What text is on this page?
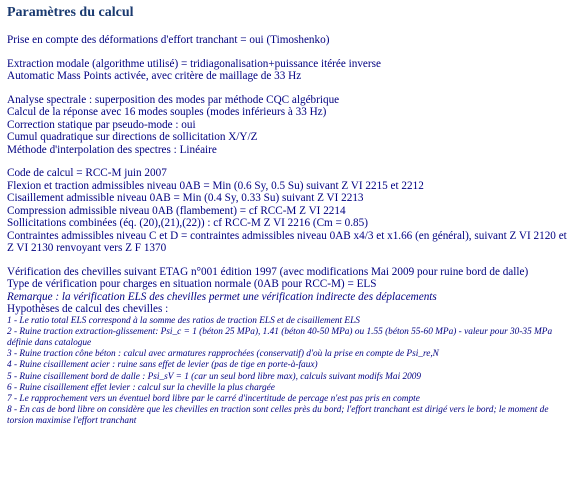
Paramètres du calcul
Prise en compte des déformations d'effort tranchant = oui (Timoshenko)
Extraction modale (algorithme utilisé) = tridiagonalisation+puissance itérée inverse
Automatic Mass Points activée, avec critère de maillage de 33 Hz
Analyse spectrale : superposition des modes par méthode CQC algébrique
Calcul de la réponse avec 16 modes souples (modes inférieurs à 33 Hz)
Correction statique par pseudo-mode : oui
Cumul quadratique sur directions de sollicitation X/Y/Z
Méthode d'interpolation des spectres : Linéaire
Code de calcul = RCC-M juin 2007
Flexion et traction admissibles niveau 0AB = Min (0.6 Sy, 0.5 Su) suivant Z VI 2215 et 2212
Cisaillement admissible niveau 0AB = Min (0.4 Sy, 0.33 Su) suivant Z VI 2213
Compression admissible niveau 0AB (flambement) = cf RCC-M Z VI 2214
Sollicitations combinées (éq. (20),(21),(22)) : cf RCC-M Z VI 2216 (Cm = 0.85)
Contraintes admissibles niveau C et D = contraintes admissibles niveau 0AB x4/3 et x1.66 (en général), suivant Z VI 2120 et Z VI 2130 renvoyant vers Z F 1370
Vérification des chevilles suivant ETAG n°001 édition 1997 (avec modifications Mai 2009 pour ruine bord de dalle)
Type de vérification pour charges en situation normale (0AB pour RCC-M) = ELS
Remarque : la vérification ELS des chevilles permet une vérification indirecte des déplacements
Hypothèses de calcul des chevilles :
1 - Le ratio total ELS correspond à la somme des ratios de traction ELS et de cisaillement ELS
2 - Ruine traction extraction-glissement: Psi_c = 1 (béton 25 MPa), 1.41 (béton 40-50 MPa) ou 1.55 (béton 55-60 MPa) - valeur pour 30-35 MPa définie dans catalogue
3 - Ruine traction cône béton : calcul avec armatures rapprochées (conservatif) d'où la prise en compte de Psi_re,N
4 - Ruine cisaillement acier : ruine sans effet de levier (pas de tige en porte-à-faux)
5 - Ruine cisaillement bord de dalle : Psi_sV = 1 (car un seul bord libre max), calculs suivant modifs Mai 2009
6 - Ruine cisaillement effet levier : calcul sur la cheville la plus chargée
7 - Le rapprochement vers un éventuel bord libre par le carré d'incertitude de percage n'est pas pris en compte
8 - En cas de bord libre on considère que les chevilles en traction sont celles près du bord; l'effort tranchant est dirigé vers le bord; le moment de torsion maximise l'effort tranchant
